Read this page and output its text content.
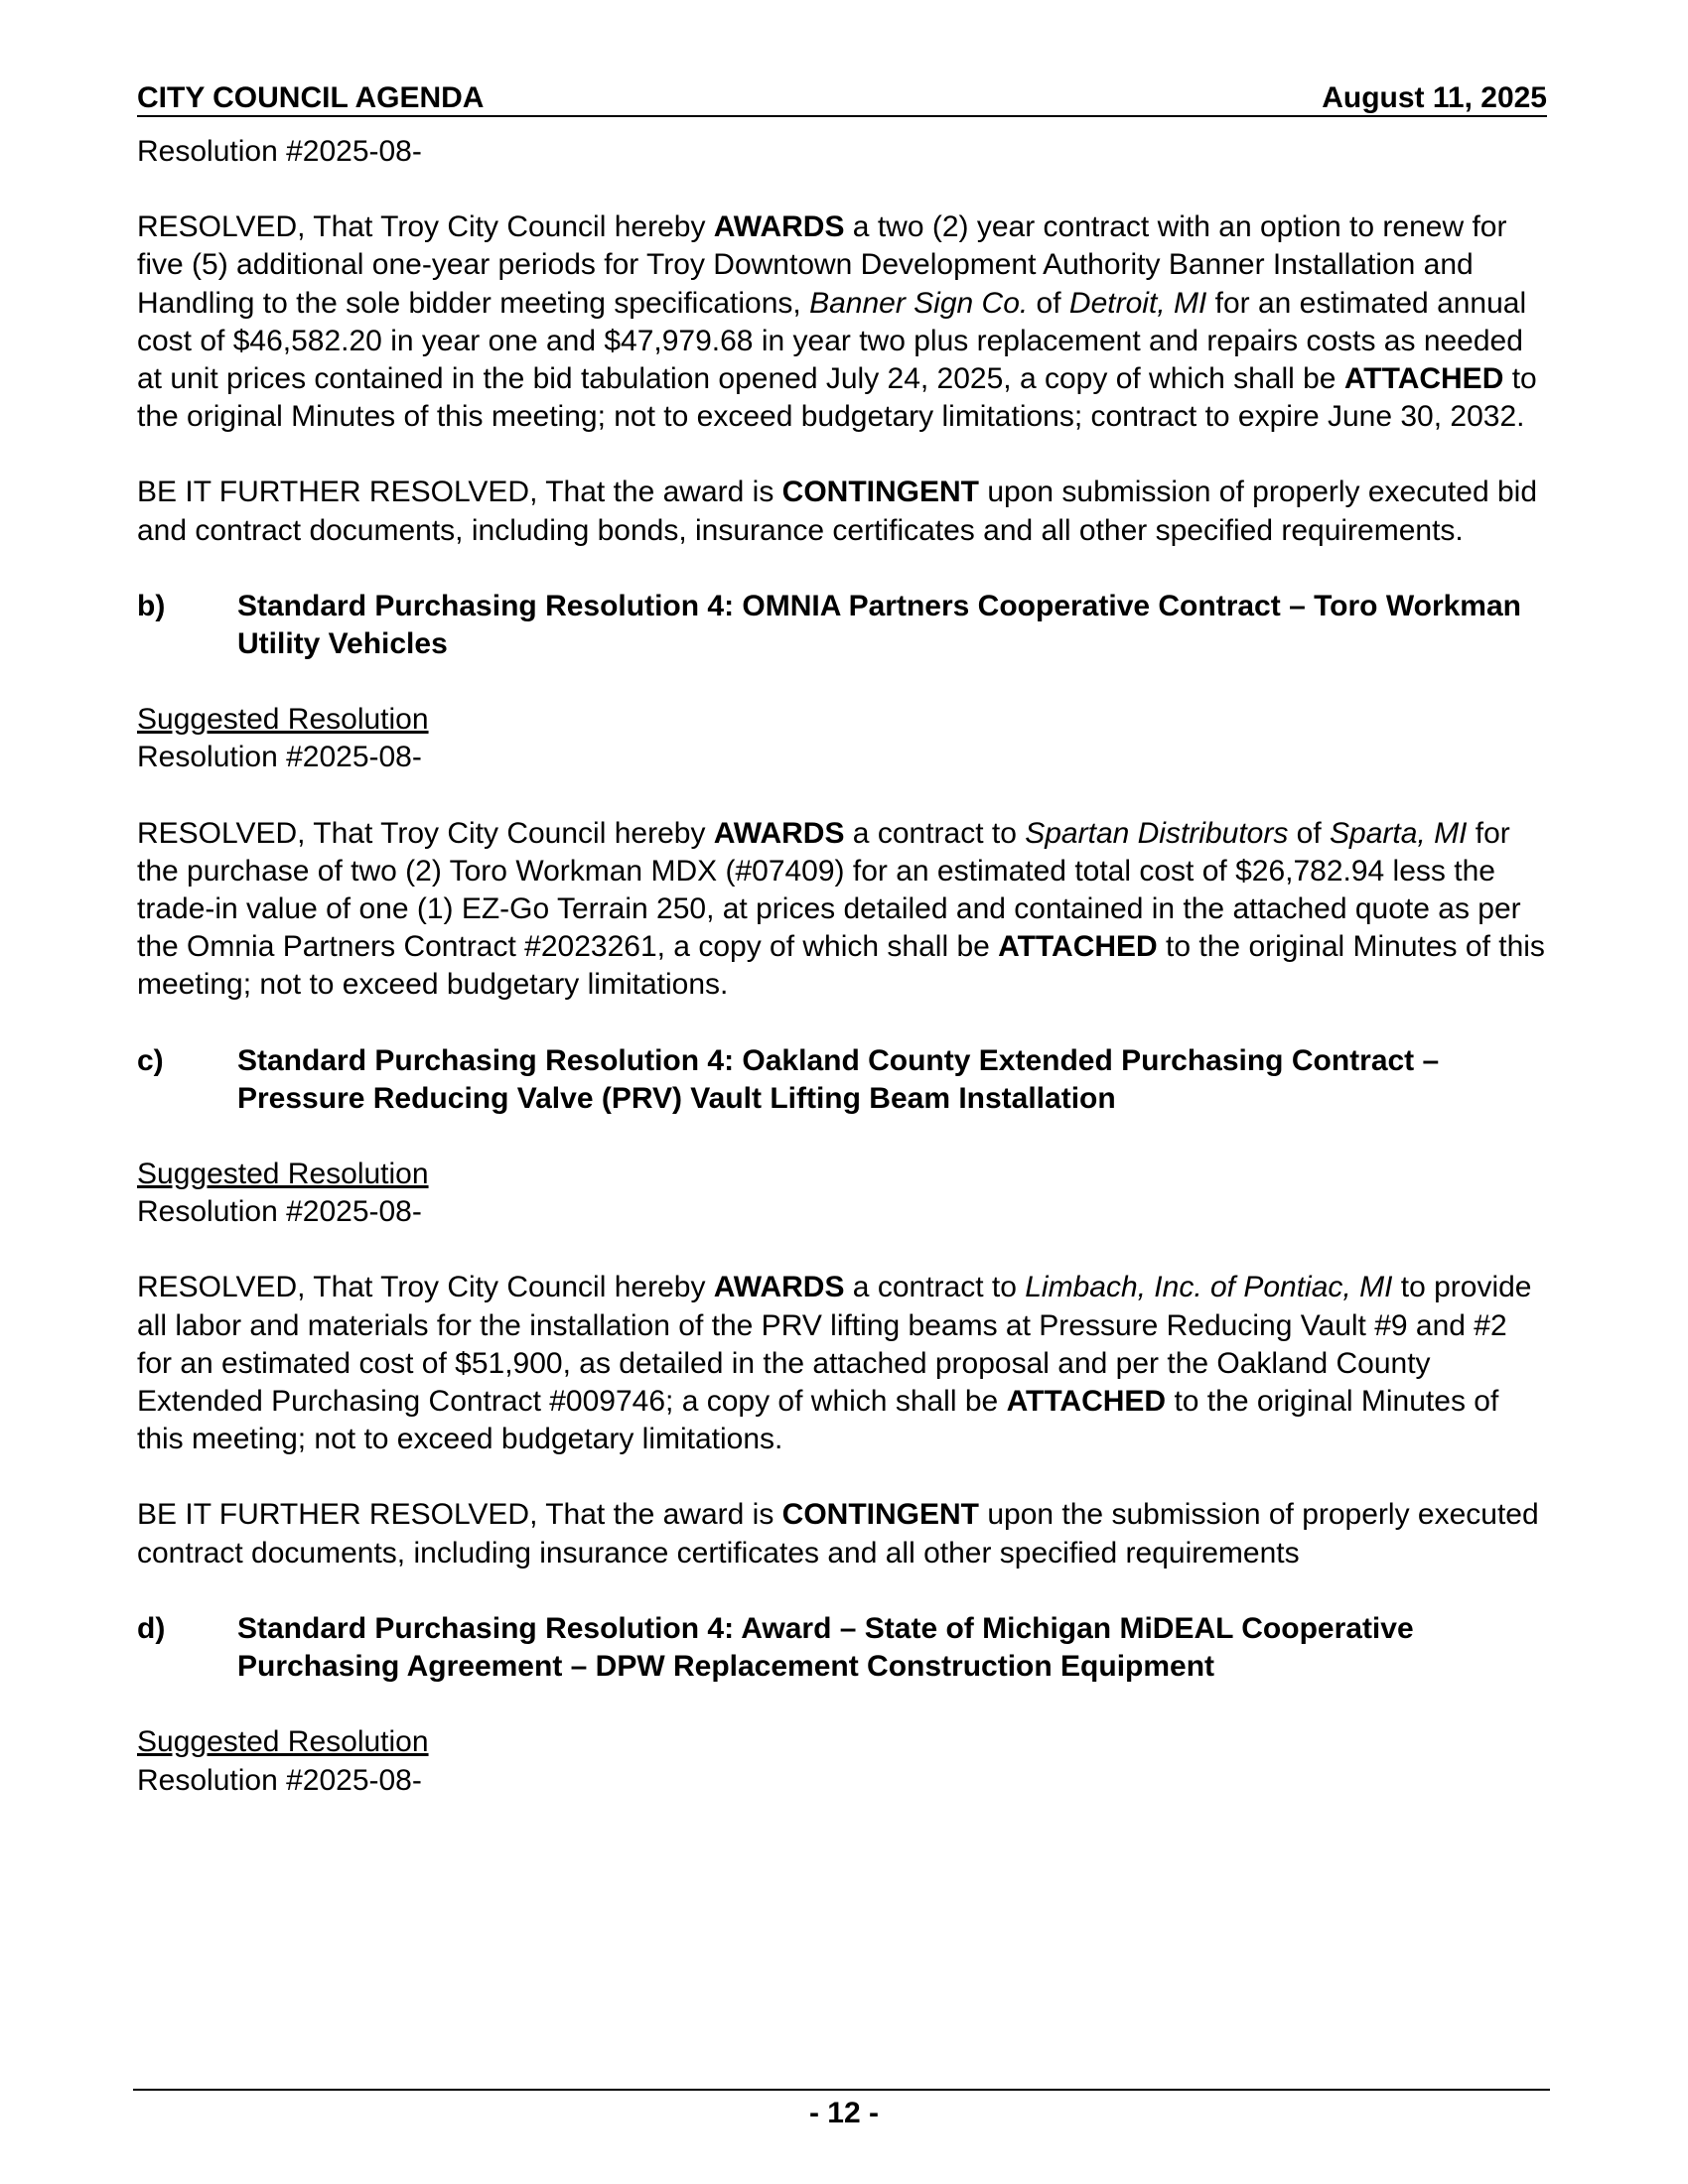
CITY COUNCIL AGENDA	August 11, 2025

Resolution #2025-08-

RESOLVED, That Troy City Council hereby AWARDS a two (2) year contract with an option to renew for five (5) additional one-year periods for Troy Downtown Development Authority Banner Installation and Handling to the sole bidder meeting specifications, Banner Sign Co. of Detroit, MI for an estimated annual cost of $46,582.20 in year one and $47,979.68 in year two plus replacement and repairs costs as needed at unit prices contained in the bid tabulation opened July 24, 2025, a copy of which shall be ATTACHED to the original Minutes of this meeting; not to exceed budgetary limitations; contract to expire June 30, 2032.

BE IT FURTHER RESOLVED, That the award is CONTINGENT upon submission of properly executed bid and contract documents, including bonds, insurance certificates and all other specified requirements.

b)	Standard Purchasing Resolution 4: OMNIA Partners Cooperative Contract – Toro Workman Utility Vehicles

Suggested Resolution

Resolution #2025-08-

RESOLVED, That Troy City Council hereby AWARDS a contract to Spartan Distributors of Sparta, MI for the purchase of two (2) Toro Workman MDX (#07409) for an estimated total cost of $26,782.94 less the trade-in value of one (1) EZ-Go Terrain 250, at prices detailed and contained in the attached quote as per the Omnia Partners Contract #2023261, a copy of which shall be ATTACHED to the original Minutes of this meeting; not to exceed budgetary limitations.

c)	Standard Purchasing Resolution 4: Oakland County Extended Purchasing Contract – Pressure Reducing Valve (PRV) Vault Lifting Beam Installation

Suggested Resolution

Resolution #2025-08-

RESOLVED, That Troy City Council hereby AWARDS a contract to Limbach, Inc. of Pontiac, MI to provide all labor and materials for the installation of the PRV lifting beams at Pressure Reducing Vault #9 and #2 for an estimated cost of $51,900, as detailed in the attached proposal and per the Oakland County Extended Purchasing Contract #009746; a copy of which shall be ATTACHED to the original Minutes of this meeting; not to exceed budgetary limitations.

BE IT FURTHER RESOLVED, That the award is CONTINGENT upon the submission of properly executed contract documents, including insurance certificates and all other specified requirements

d)	Standard Purchasing Resolution 4: Award – State of Michigan MiDEAL Cooperative Purchasing Agreement – DPW Replacement Construction Equipment

Suggested Resolution

Resolution #2025-08-

- 12 -
